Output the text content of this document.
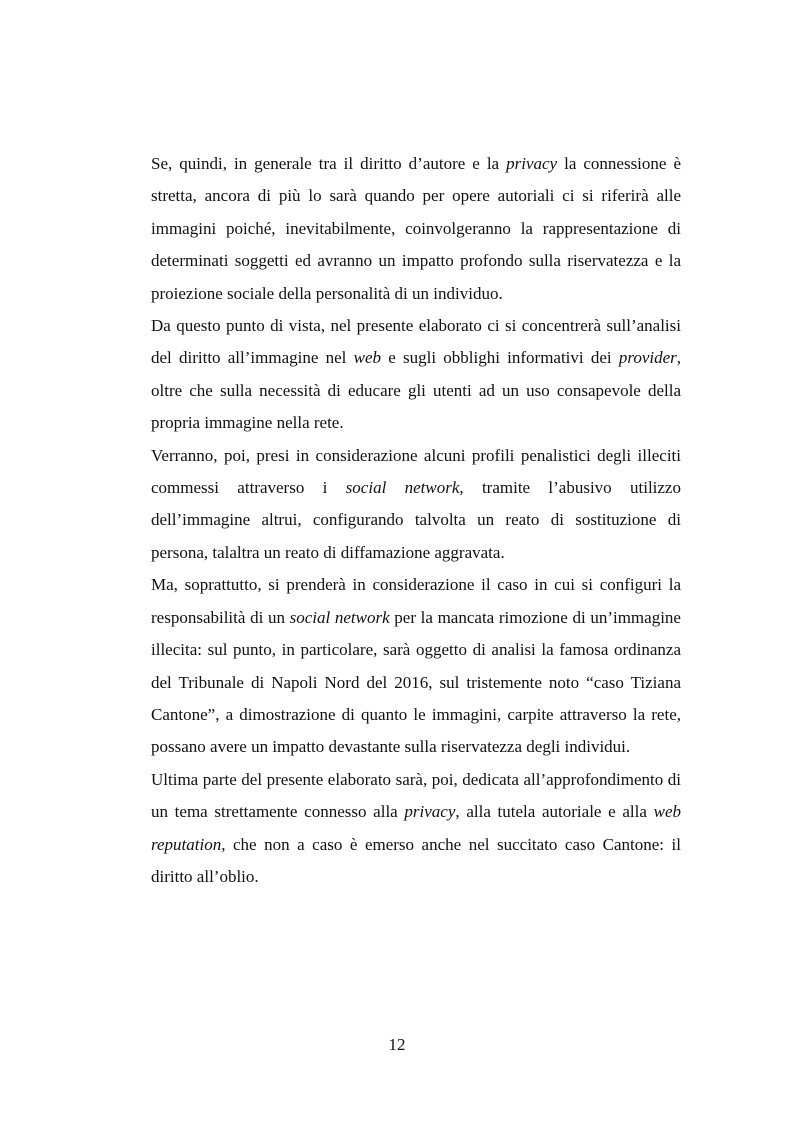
Se, quindi, in generale tra il diritto d’autore e la privacy la connessione è stretta, ancora di più lo sarà quando per opere autoriali ci si riferirà alle immagini poiché, inevitabilmente, coinvolgeranno la rappresentazione di determinati soggetti ed avranno un impatto profondo sulla riservatezza e la proiezione sociale della personalità di un individuo.

Da questo punto di vista, nel presente elaborato ci si concentrerà sull’analisi del diritto all’immagine nel web e sugli obblighi informativi dei provider, oltre che sulla necessità di educare gli utenti ad un uso consapevole della propria immagine nella rete.

Verranno, poi, presi in considerazione alcuni profili penalistici degli illeciti commessi attraverso i social network, tramite l’abusivo utilizzo dell’immagine altrui, configurando talvolta un reato di sostituzione di persona, talaltra un reato di diffamazione aggravata.

Ma, soprattutto, si prenderà in considerazione il caso in cui si configuri la responsabilità di un social network per la mancata rimozione di un’immagine illecita: sul punto, in particolare, sarà oggetto di analisi la famosa ordinanza del Tribunale di Napoli Nord del 2016, sul tristemente noto “caso Tiziana Cantone”, a dimostrazione di quanto le immagini, carpite attraverso la rete, possano avere un impatto devastante sulla riservatezza degli individui.

Ultima parte del presente elaborato sarà, poi, dedicata all’approfondimento di un tema strettamente connesso alla privacy, alla tutela autoriale e alla web reputation, che non a caso è emerso anche nel succitato caso Cantone: il diritto all’oblio.

12
